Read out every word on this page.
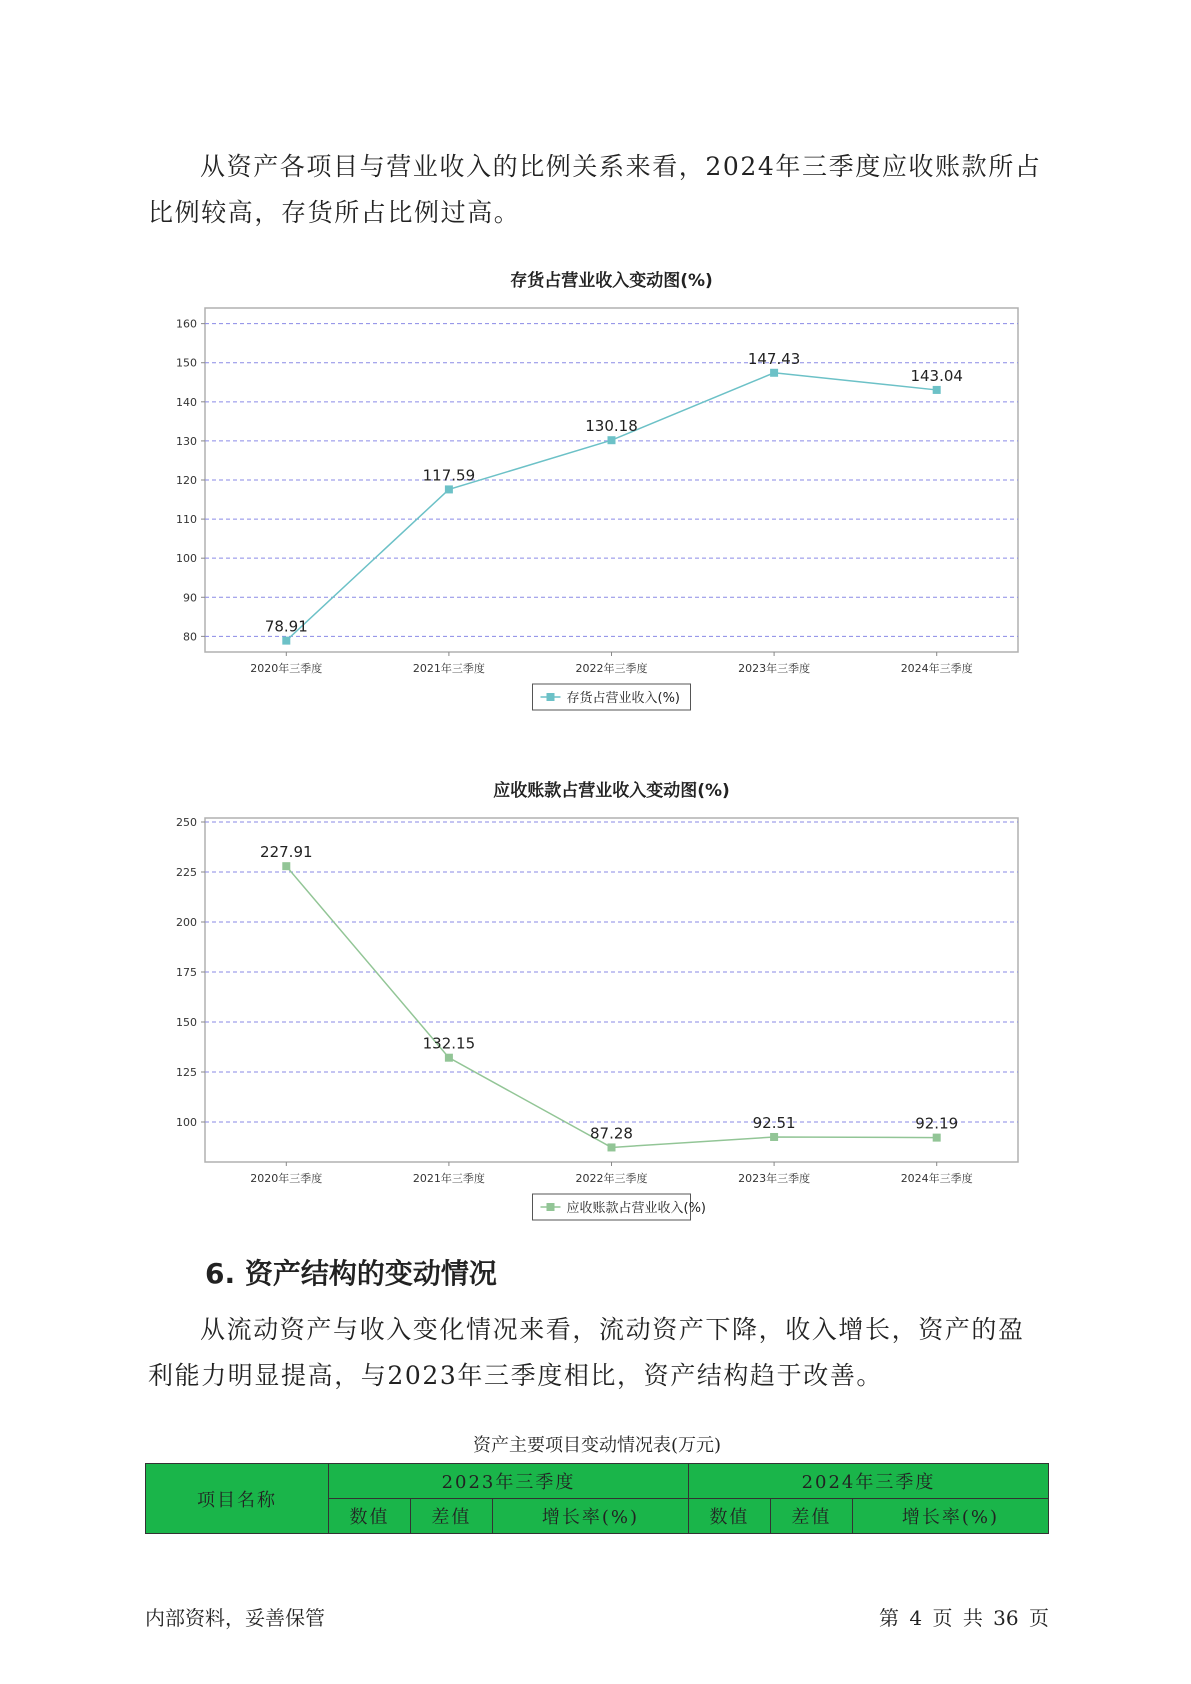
从资产各项目与营业收入的比例关系来看，2024年三季度应收账款所占比例较高，存货所占比例过高。

存货占营业收入变动图(%)
80
90
100
110
120
130
140
150
160
2020年三季度	2021年三季度	2022年三季度	2023年三季度	2024年三季度
78.91
117.59
130.18
147.43
143.04
存货占营业收入(%)
应收账款占营业收入变动图(%)
100
125
150
175
200
225
250
2020年三季度	2021年三季度	2022年三季度	2023年三季度	2024年三季度
227.91
132.15
87.28
92.51	92.19
应收账款占营业收入(%)
6. 资产结构的变动情况

从流动资产与收入变化情况来看，流动资产下降，收入增长，资产的盈利能力明显提高，与2023年三季度相比，资产结构趋于改善。

资产主要项目变动情况表(万元)
项目名称	2023年三季度			2024年三季度		
	数值	差值	增长率(%)	数值	差值	增长率(%)
内部资料，妥善保管	第 4 页 共 36 页
